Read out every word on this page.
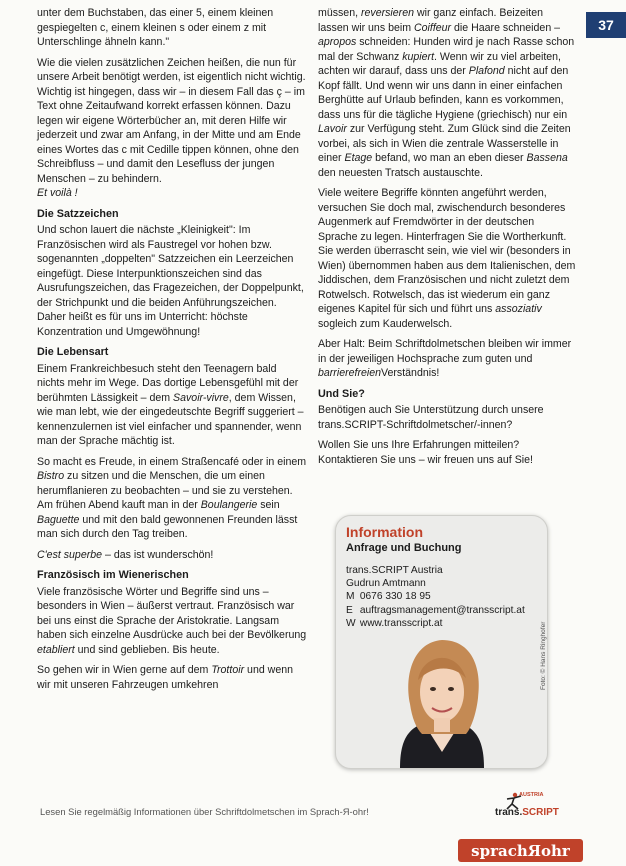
37

unter dem Buchstaben, das einer 5, einem kleinen gespiegelten c, einem kleinen s oder einem z mit Unterschlinge ähneln kann."

Wie die vielen zusätzlichen Zeichen heißen, die nun für unsere Arbeit benötigt werden, ist eigentlich nicht wichtig. Wichtig ist hingegen, dass wir – in diesem Fall das ç – im Text ohne Zeitaufwand korrekt erfassen können. Dazu legen wir eigene Wörterbücher an, mit deren Hilfe wir jederzeit und zwar am Anfang, in der Mitte und am Ende eines Wortes das c mit Cedille tippen können, ohne den Schreibfluss – und damit den Lesefluss der jungen Menschen – zu behindern.
Et voilà !

Die Satzzeichen

Und schon lauert die nächste „Kleinigkeit": Im Französischen wird als Faustregel vor hohen bzw. sogenannten „doppelten" Satzzeichen ein Leerzeichen eingefügt. Diese Interpunktionszeichen sind das Ausrufungszeichen, das Fragezeichen, der Doppelpunkt, der Strichpunkt und die beiden Anführungszeichen. Daher heißt es für uns im Unterricht: höchste Konzentration und Umgewöhnung!

Die Lebensart

Einem Frankreichbesuch steht den Teenagern bald nichts mehr im Wege. Das dortige Lebensgefühl mit der berühmten Lässigkeit – dem Savoir-vivre, dem Wissen, wie man lebt, wie der eingedeutschte Begriff suggeriert – kennenzulernen ist viel einfacher und spannender, wenn man der Sprache mächtig ist.

So macht es Freude, in einem Straßencafé oder in einem Bistro zu sitzen und die Menschen, die um einen herumflanieren zu beobachten – und sie zu verstehen. Am frühen Abend kauft man in der Boulangerie sein Baguette und mit den bald gewonnenen Freunden lässt man sich durch den Tag treiben.

C'est superbe – das ist wunderschön!

Französisch im Wienerischen

Viele französische Wörter und Begriffe sind uns – besonders in Wien – äußerst vertraut. Französisch war bei uns einst die Sprache der Aristokratie. Langsam haben sich einzelne Ausdrücke auch bei der Bevölkerung etabliert und sind geblieben. Bis heute.

So gehen wir in Wien gerne auf dem Trottoir und wenn wir mit unseren Fahrzeugen umkehren

müssen, reversieren wir ganz einfach. Beizeiten lassen wir uns beim Coiffeur die Haare schneiden – apropos schneiden: Hunden wird je nach Rasse schon mal der Schwanz kupiert. Wenn wir zu viel arbeiten, achten wir darauf, dass uns der Plafond nicht auf den Kopf fällt. Und wenn wir uns dann in einer einfachen Berghütte auf Urlaub befinden, kann es vorkommen, dass uns für die tägliche Hygiene (griechisch) nur ein Lavoir zur Verfügung steht. Zum Glück sind die Zeiten vorbei, als sich in Wien die zentrale Wasserstelle in einer Etage befand, wo man an eben dieser Bassena den neuesten Tratsch austauschte.

Viele weitere Begriffe könnten angeführt werden, versuchen Sie doch mal, zwischendurch besonderes Augenmerk auf Fremdwörter in der deutschen Sprache zu legen. Hinterfragen Sie die Wortherkunft. Sie werden überrascht sein, wie viel wir (besonders in Wien) übernommen haben aus dem Italienischen, dem Jiddischen, dem Französischen und nicht zuletzt dem Rotwelsch. Rotwelsch, das ist wiederum ein ganz eigenes Kapitel für sich und führt uns assoziativ sogleich zum Kauderwelsch.

Aber Halt: Beim Schriftdolmetschen bleiben wir immer in der jeweiligen Hochsprache zum guten und barrierefreienVerständnis!

Und Sie?

Benötigen auch Sie Unterstützung durch unsere trans.SCRIPT-Schriftdolmetscher/-innen?

Wollen Sie uns Ihre Erfahrungen mitteilen? Kontaktieren Sie uns – wir freuen uns auf Sie!

Information
Anfrage und Buchung
trans.SCRIPT Austria
Gudrun Amtmann
M 0676 330 18 95
E auftragsmanagement@transscript.at
W www.transscript.at	Foto: © Hans Ringhofer
Lesen Sie regelmäßig Informationen über Schriftdolmetschen im Sprach-Я-ohr!
AUSTRIA
trans.SCRIPT
sprachЯohr
